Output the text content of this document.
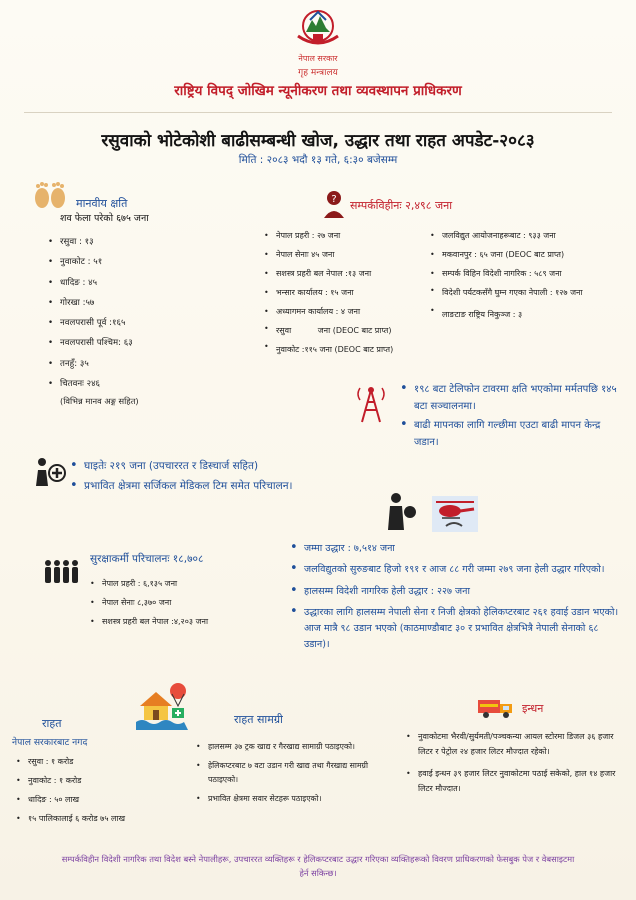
नेपाल सरकार
गृह मन्त्रालय
राष्ट्रिय विपद् जोखिम न्यूनीकरण तथा व्यवस्थापन प्राधिकरण
रसुवाको भोटेकोशी बाढीसम्बन्धी खोज, उद्धार तथा राहत अपडेट-२०८३
मिति : २०८३ भदौ १३ गते, ६:३० बजेसम्म
मानवीय क्षति
शव फेला परेको ६७५ जना
• रसुवा : १३
• नुवाकोट : ५१
• धादिङ : ४५
• गोरखा :५७
• नवलपरासी पूर्व :१६५
• नवलपरासी पश्चिम: ६३
• तनहुँ: ३५
• चितवनः २४६
(विभिन्न मानव अङ्ग सहित)
? सम्पर्कविहीनः २,४९८ जना
• नेपाल प्रहरी : २७ जना
• नेपाल सेनाः ४५ जना
• सशस्त्र प्रहरी बल नेपाल :१३ जना
• भन्सार कार्यालय : १५ जना
• अध्यागमन कार्यालय : ४ जना
• रसुवा	जना (DEOC बाट प्राप्त)
• नुवाकोट :११५ जना (DEOC बाट प्राप्त)
• जलविद्युत आयोजनाहरूबाट : ९३३ जना
• मकवानपुर : ६५ जना (DEOC बाट प्राप्त)
• सम्पर्क विहिन विदेशी नागरिक : ५८९ जना
• विदेशी पर्यटकसँगै घुम्न गएका नेपाली : १२७ जना
• लाङटाङ राष्ट्रिय निकुञ्ज : ३
• १९८ बटा टेलिफोन टावरमा क्षति भएकोमा मर्मतपछि १४५ बटा सञ्चालनमा।
• बाढी मापनका लागि गल्छीमा एउटा बाढी मापन केन्द्र जडान।
• घाइतेः २१९ जना (उपचाररत र डिस्चार्ज सहित)
• प्रभावित क्षेत्रमा सर्जिकल मेडिकल टिम समेत परिचालन।
सुरक्षाकर्मी परिचालनः १८,७०८
• नेपाल प्रहरी : ६,१३५ जना
• नेपाल सेनाः ८,३७० जना
• सशस्त्र प्रहरी बल नेपाल :४,२०३ जना
• जम्मा उद्धार : ७,५१४ जना
• जलविद्युतको सुरुङबाट हिजो १९१ र आज ८८ गरी जम्मा २७९ जना हेली उद्धार गरिएको।
• हालसम्म विदेशी नागरिक हेली उद्धार : २२७ जना
• उद्धारका लागि हालसम्म नेपाली सेना र निजी क्षेत्रको हेलिकप्टरबाट २६१ हवाई उडान भएको। आज मात्रै ९८ उडान भएको (काठमाण्डौबाट ३० र प्रभावित क्षेत्रभित्रै नेपाली सेनाको ६८ उडान)।
राहत
नेपाल सरकारबाट नगद
• रसुवा : १ करोड
• नुवाकोट : १ करोड
• धादिङ : ५० लाख
• १५ पालिकालाई ६ करोड ७५ लाख
राहत सामग्री
• हालसम्म ३७ ट्रक खाद्य र गैरखाद्य सामाग्री पठाइएको।
• हेलिकप्टरबाट ७ वटा उडान गरी खाद्य तथा गैरखाद्य सामग्री पठाइएको।
• प्रभावित क्षेत्रमा सवार सेटहरू पठाइएको।
इन्धन
• नुवाकोटमा भैरवी/सुर्यमती/पञ्चकन्या आयल स्टोरमा डिजल ३६ हजार लिटर र पेट्रोल २४ हजार लिटर मौज्दात रहेको।
• हवाई इन्धन ३९ हजार लिटर नुवाकोटमा पठाई सकेको, हाल १४ हजार लिटर मौज्दात।
सम्पर्कविहीन विदेशी नागरिक तथा विदेश बस्ने नेपालीहरू, उपचाररत व्यक्तिहरू र हेलिकप्टरबाट उद्धार गरिएका व्यक्तिहरूको विवरण प्राधिकरणको फेसबुक पेज र वेबसाइटमा हेर्न सकिन्छ।
